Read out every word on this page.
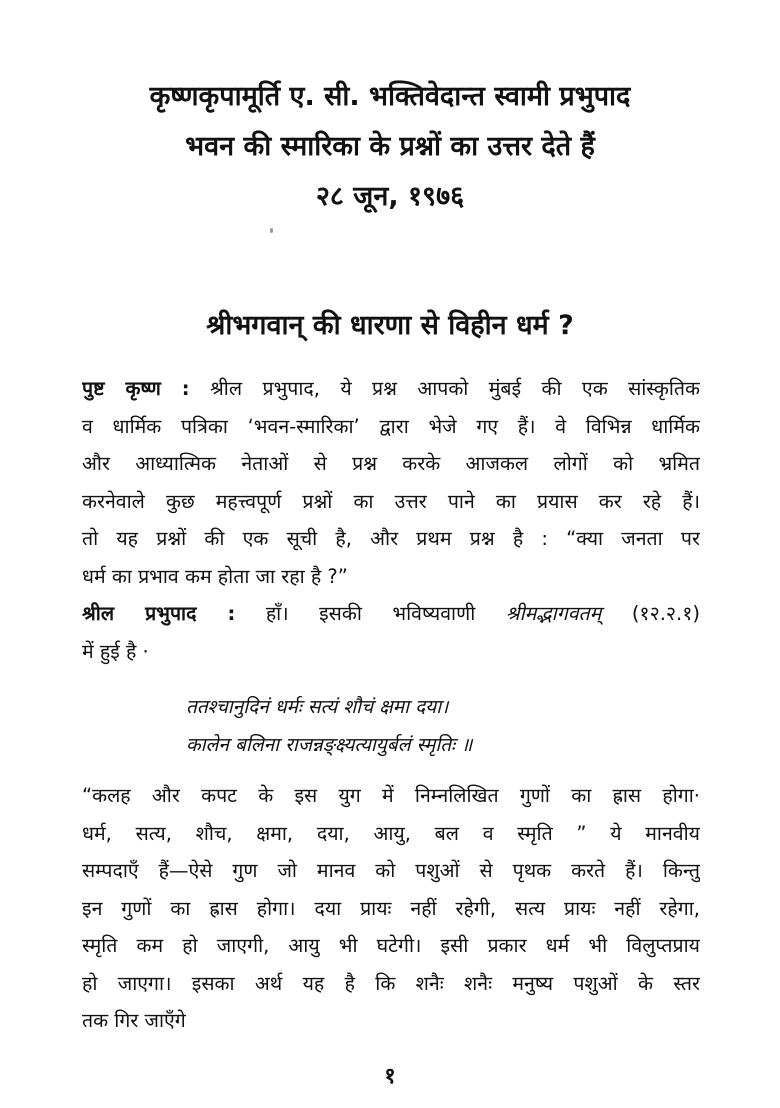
कृष्णकृपामूर्ति ए. सी. भक्तिवेदान्त स्वामी प्रभुपाद
भवन की स्मारिका के प्रश्नों का उत्तर देते हैं
२८ जून, १९७६
श्रीभगवान् की धारणा से विहीन धर्म ?
पुष्ट कृष्ण : श्रील प्रभुपाद, ये प्रश्न आपको मुंबई की एक सांस्कृतिक
व धार्मिक पत्रिका ‘भवन-स्मारिका’ द्वारा भेजे गए हैं। वे विभिन्न धार्मिक
और आध्यात्मिक नेताओं से प्रश्न करके आजकल लोगों को भ्रमित
करनेवाले कुछ महत्त्वपूर्ण प्रश्नों का उत्तर पाने का प्रयास कर रहे हैं।
तो यह प्रश्नों की एक सूची है, और प्रथम प्रश्न है : “क्या जनता पर
धर्म का प्रभाव कम होता जा रहा है ?”
श्रील प्रभुपाद : हाँ। इसकी भविष्यवाणी श्रीमद्भागवतम् (१२.२.१)
में हुई है ·
ततश्चानुदिनं धर्मः सत्यं शौचं क्षमा दया।
कालेन बलिना राजन्नङ्क्ष्यत्यायुर्बलं स्मृतिः ॥
“कलह और कपट के इस युग में निम्नलिखित गुणों का ह्रास होगा·
धर्म, सत्य, शौच, क्षमा, दया, आयु, बल व स्मृति ” ये मानवीय
सम्पदाएँ हैं—ऐसे गुण जो मानव को पशुओं से पृथक करते हैं। किन्तु
इन गुणों का ह्रास होगा। दया प्रायः नहीं रहेगी, सत्य प्रायः नहीं रहेगा,
स्मृति कम हो जाएगी, आयु भी घटेगी। इसी प्रकार धर्म भी विलुप्तप्राय
हो जाएगा। इसका अर्थ यह है कि शनैः शनैः मनुष्य पशुओं के स्तर
तक गिर जाएँगे
१
